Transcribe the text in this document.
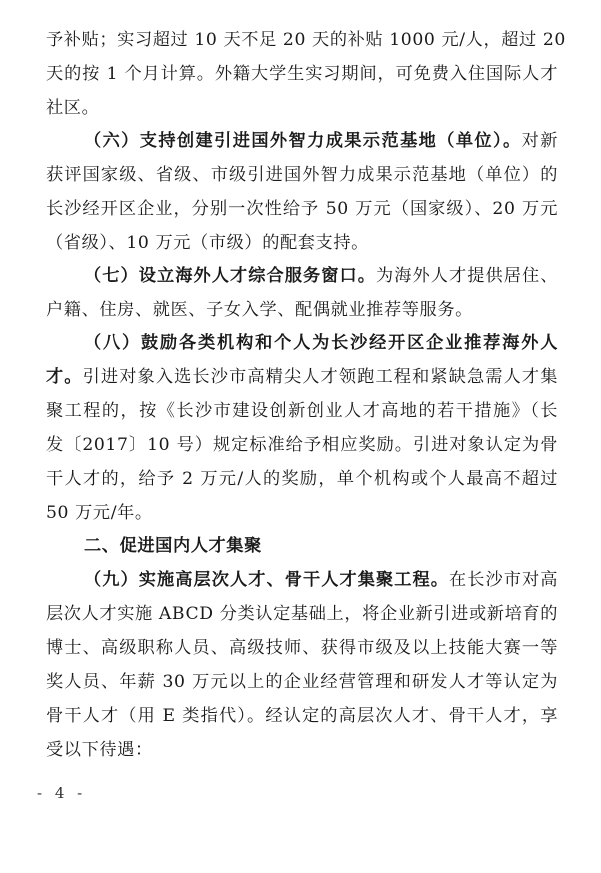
予补贴；实习超过 10 天不足 20 天的补贴 1000 元/人，超过 20
天的按 1 个月计算。外籍大学生实习期间，可免费入住国际人才
社区。
（六）支持创建引进国外智力成果示范基地（单位）。对新
获评国家级、省级、市级引进国外智力成果示范基地（单位）的
长沙经开区企业，分别一次性给予 50 万元（国家级）、20 万元
（省级）、10 万元（市级）的配套支持。
（七）设立海外人才综合服务窗口。为海外人才提供居住、
户籍、住房、就医、子女入学、配偶就业推荐等服务。
（八）鼓励各类机构和个人为长沙经开区企业推荐海外人
才。引进对象入选长沙市高精尖人才领跑工程和紧缺急需人才集
聚工程的，按《长沙市建设创新创业人才高地的若干措施》（长
发〔2017〕10 号）规定标准给予相应奖励。引进对象认定为骨
干人才的，给予 2 万元/人的奖励，单个机构或个人最高不超过
50 万元/年。
二、促进国内人才集聚
（九）实施高层次人才、骨干人才集聚工程。在长沙市对高
层次人才实施 ABCD 分类认定基础上，将企业新引进或新培育的
博士、高级职称人员、高级技师、获得市级及以上技能大赛一等
奖人员、年薪 30 万元以上的企业经营管理和研发人才等认定为
骨干人才（用 E 类指代）。经认定的高层次人才、骨干人才，享
受以下待遇：
- 4 -
